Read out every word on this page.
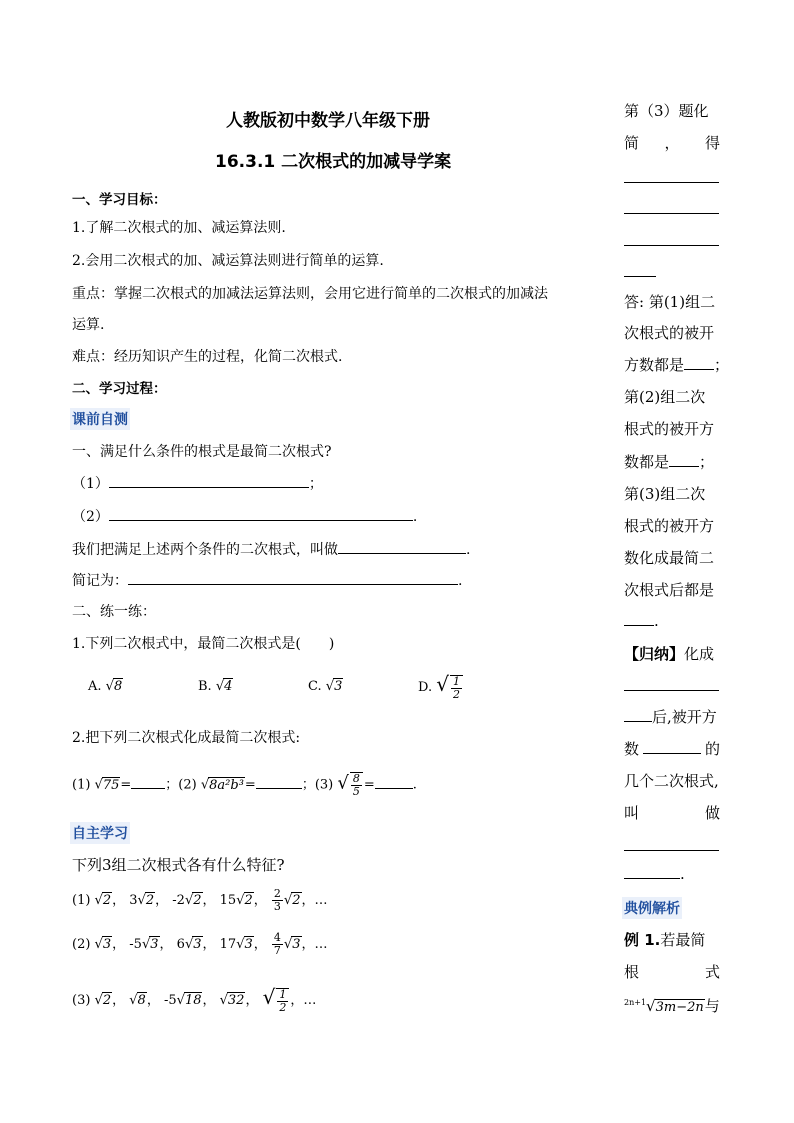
人教版初中数学八年级下册
16.3.1 二次根式的加减导学案
一、学习目标：
1.了解二次根式的加、减运算法则.
2.会用二次根式的加、减运算法则进行简单的运算.
重点：掌握二次根式的加减法运算法则，会用它进行简单的二次根式的加减法
运算.
难点：经历知识产生的过程，化简二次根式.
二、学习过程：
课前自测
一、满足什么条件的根式是最简二次根式?
（1）	；
（2）	.
我们把满足上述两个条件的二次根式，叫做	.
简记为：	.
二、练一练：
1.下列二次根式中，最简二次根式是(　　)
A. √8	B. √4	C. √3	D. √ $\frac{1}{2}$
2.把下列二次根式化成最简二次根式:
(1) √75=	；(2) √8a²b³=	；(3) √ $\frac{8}{5}$ =	.
自主学习
下列3组二次根式各有什么特征?
(1) √2， 3√2， -2√2， 15√2， $\frac{2}{3} √2$，…
(2) √3， -5√3， 6√3， 17√3， $\frac{4}{7} √3$，…
(3) √2， √8， -5√18， √32， √ $\frac{1}{2}$ ，…
第（3）题化
简 ， 得
答: 第(1)组二
次根式的被开
方数都是 ；
第(2)组二次
根式的被开方
数都是 ；
第(3)组二次
根式的被开方
数化成最简二
次根式后都是
.
【归纳】化成
后,被开方
数	的
几个二次根式,
叫	做
.
典例解析
例 1.若最简
根	式
$^{2n+1}$√3m−2n与
